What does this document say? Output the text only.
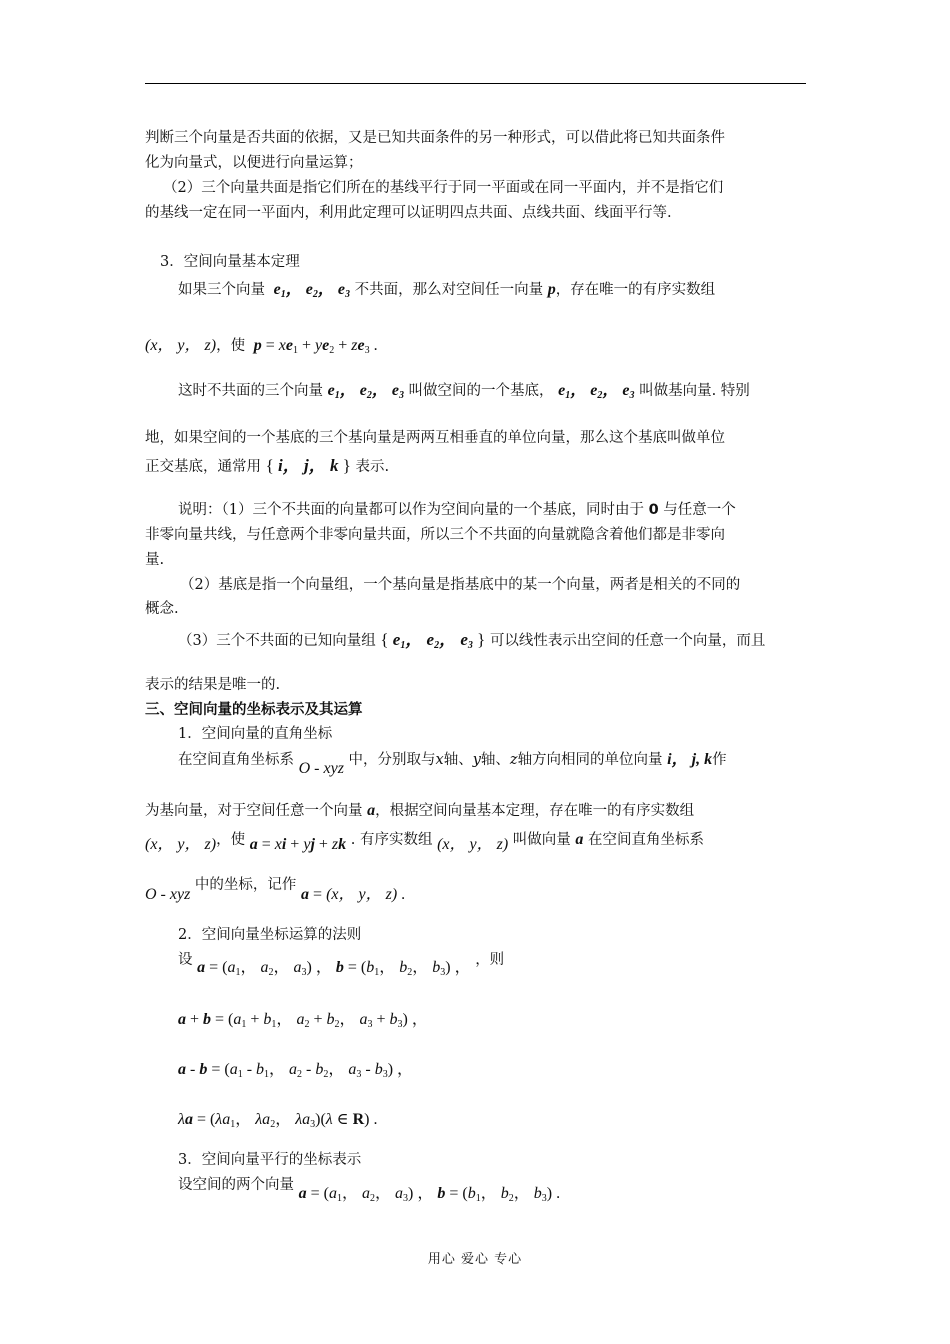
判断三个向量是否共面的依据，又是已知共面条件的另一种形式，可以借此将已知共面条件
化为向量式，以便进行向量运算；
（2）三个向量共面是指它们所在的基线平行于同一平面或在同一平面内，并不是指它们
的基线一定在同一平面内，利用此定理可以证明四点共面、点线共面、线面平行等.
3．空间向量基本定理
如果三个向量 $e_1$， $e_2$， $e_3$ 不共面，那么对空间任一向量 p，存在唯一的有序实数组
(x， y， z)，使 $p = xe_1 + ye_2 + ze_3$ .
这时不共面的三个向量 $e_1$， $e_2$， $e_3$ 叫做空间的一个基底， $e_1$， $e_2$， $e_3$ 叫做基向量. 特别
地，如果空间的一个基底的三个基向量是两两互相垂直的单位向量，那么这个基底叫做单位
正交基底，通常用 { i， j， k } 表示.
说明：（1）三个不共面的向量都可以作为空间向量的一个基底，同时由于 0 与任意一个
非零向量共线，与任意两个非零向量共面，所以三个不共面的向量就隐含着他们都是非零向
量.
（2）基底是指一个向量组，一个基向量是指基底中的某一个向量，两者是相关的不同的
概念.
（3）三个不共面的已知向量组 { $e_1$， $e_2$， $e_3$ } 可以线性表示出空间的任意一个向量，而且
表示的结果是唯一的.
三、空间向量的坐标表示及其运算
1．空间向量的直角坐标
在空间直角坐标系 O - xyz 中，分别取与x轴、y轴、z轴方向相同的单位向量 i， j, k作
为基向量，对于空间任意一个向量 a，根据空间向量基本定理，存在唯一的有序实数组
(x， y， z)，使 a = xi + yj + zk . 有序实数组 (x， y， z) 叫做向量 a 在空间直角坐标系
O - xyz 中的坐标，记作 a = (x， y， z) .
2．空间向量坐标运算的法则
设 $a = (a_1$， $a_2$， $a_3$) ， $b = (b_1$， $b_2$， $b_3$) ， ，则
$a + b = (a_1 + b_1$， $a_2 + b_2$， $a_3 + b_3$) ，
$a - b = (a_1 - b_1$， $a_2 - b_2$， $a_3 - b_3$) ，
$\lambda a = (\lambda a_1$， $\lambda a_2$， $\lambda a_3)(\lambda$ ∈ R) .
3．空间向量平行的坐标表示
设空间的两个向量 $a = (a_1$， $a_2$， $a_3$) ， $b = (b_1$， $b_2$， $b_3$) .
用心 爱心 专心
